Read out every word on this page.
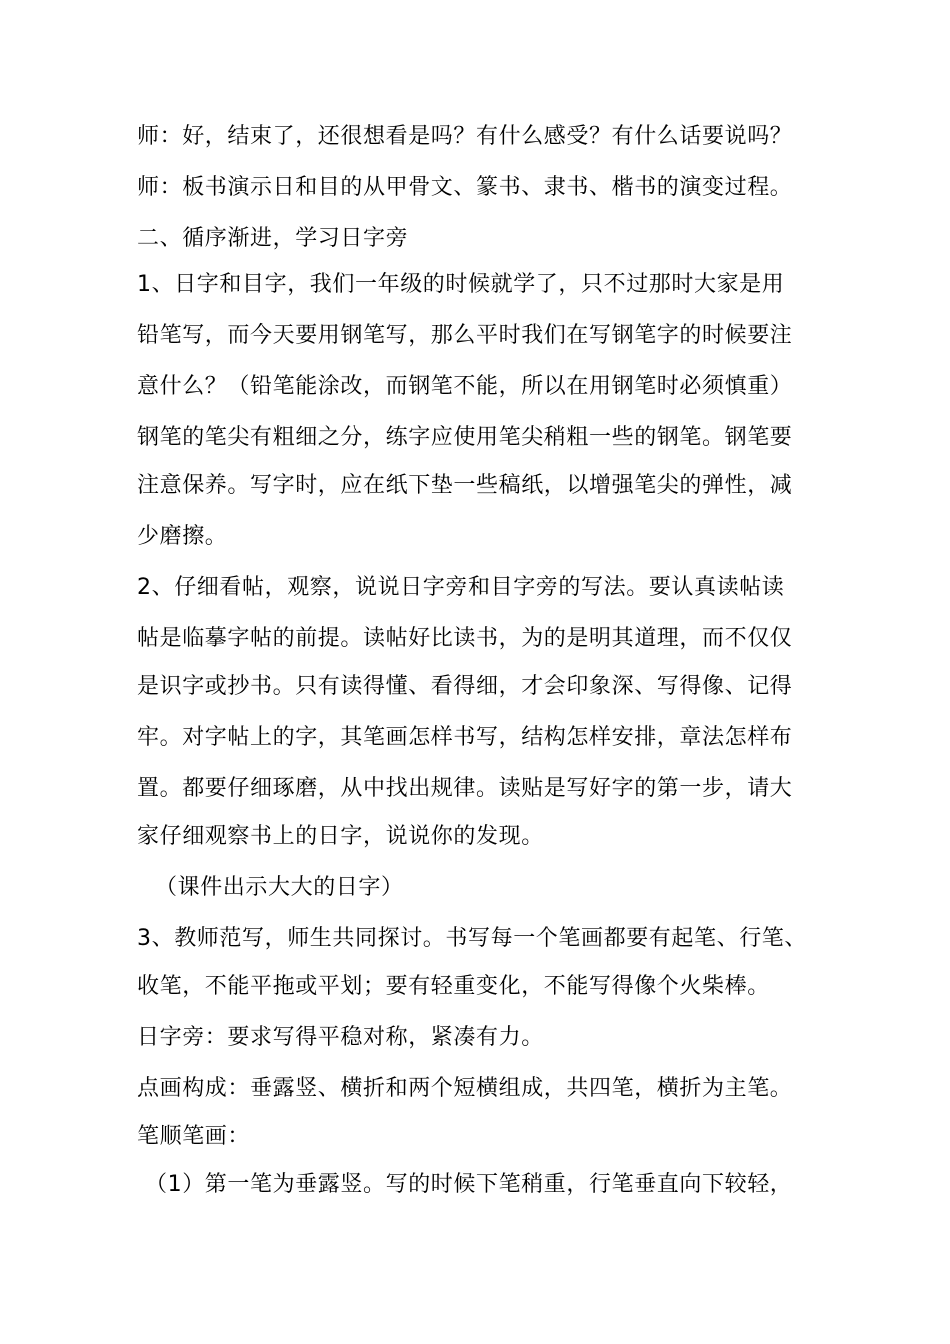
师：好，结束了，还很想看是吗？有什么感受？有什么话要说吗？
师：板书演示日和目的从甲骨文、篆书、隶书、楷书的演变过程。
二、循序渐进，学习日字旁
1、日字和目字，我们一年级的时候就学了，只不过那时大家是用
铅笔写，而今天要用钢笔写，那么平时我们在写钢笔字的时候要注
意什么？（铅笔能涂改，而钢笔不能，所以在用钢笔时必须慎重）
钢笔的笔尖有粗细之分，练字应使用笔尖稍粗一些的钢笔。钢笔要
注意保养。写字时，应在纸下垫一些稿纸，以增强笔尖的弹性，减
少磨擦。
2、仔细看帖，观察，说说日字旁和目字旁的写法。要认真读帖读
帖是临摹字帖的前提。读帖好比读书，为的是明其道理，而不仅仅
是识字或抄书。只有读得懂、看得细，才会印象深、写得像、记得
牢。对字帖上的字，其笔画怎样书写，结构怎样安排，章法怎样布
置。都要仔细琢磨，从中找出规律。读贴是写好字的第一步，请大
家仔细观察书上的日字，说说你的发现。
（课件出示大大的日字）
3、教师范写，师生共同探讨。书写每一个笔画都要有起笔、行笔、
收笔，不能平拖或平划；要有轻重变化，不能写得像个火柴棒。
日字旁：要求写得平稳对称，紧凑有力。
点画构成：垂露竖、横折和两个短横组成，共四笔，横折为主笔。
笔顺笔画：
（1）第一笔为垂露竖。写的时候下笔稍重，行笔垂直向下较轻，
